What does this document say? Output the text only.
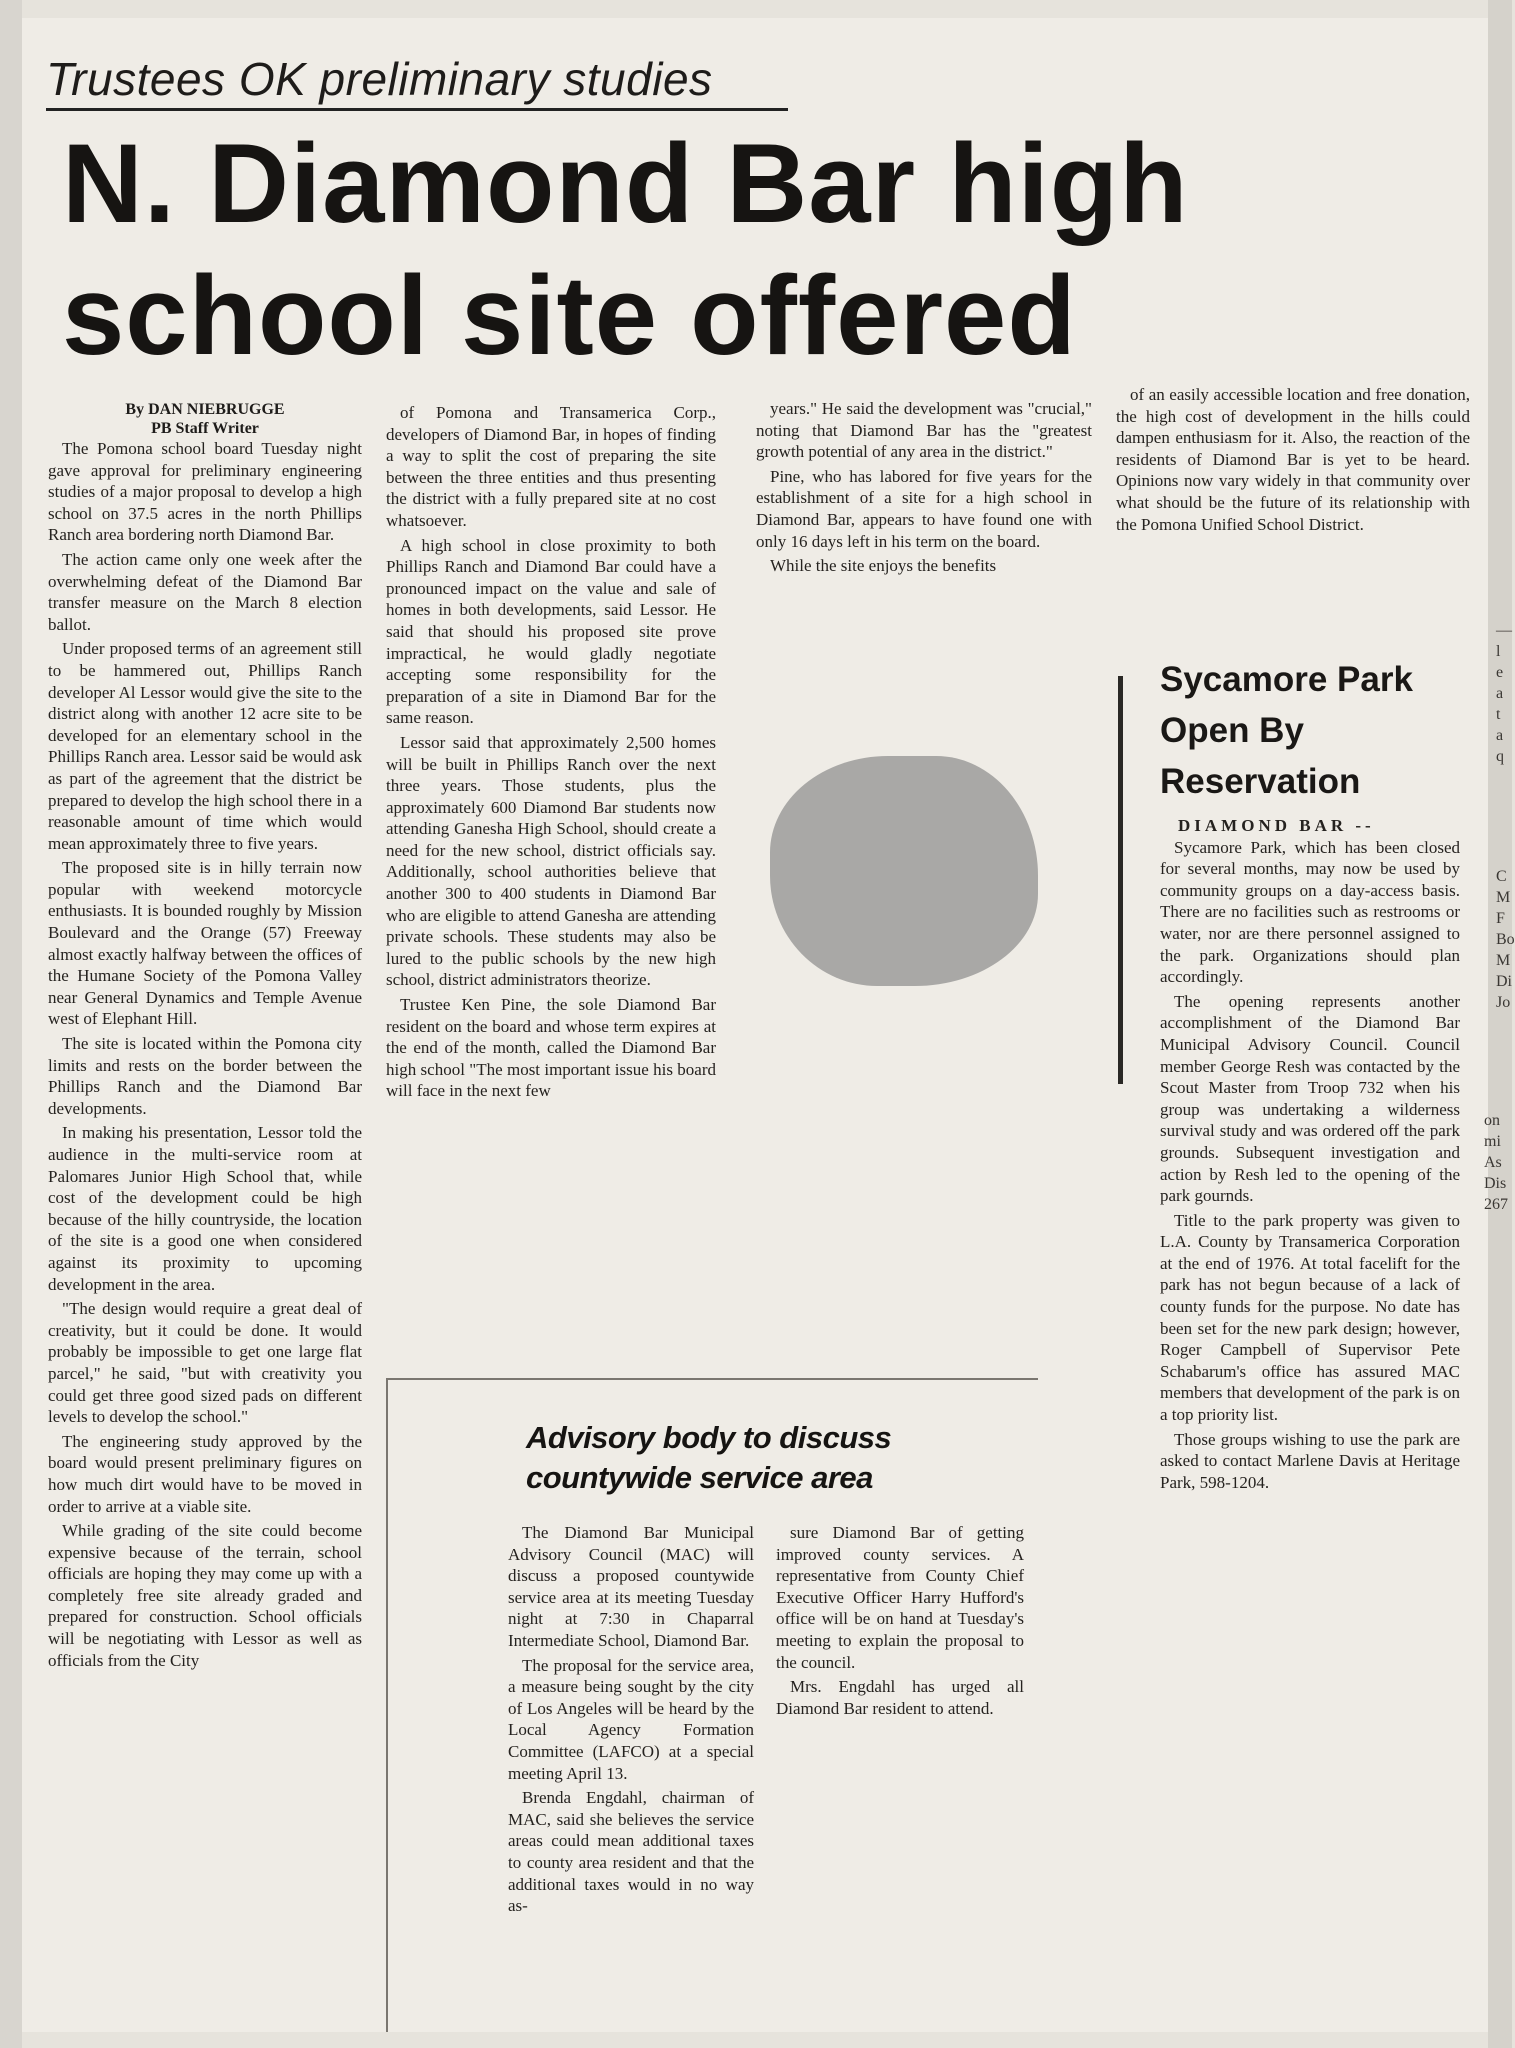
Trustees OK preliminary studies
N. Diamond Bar high
school site offered
By DAN NIEBRUGGE
PB Staff Writer

The Pomona school board Tuesday night gave approval for preliminary engineering studies of a major proposal to develop a high school on 37.5 acres in the north Phillips Ranch area bordering north Diamond Bar.

The action came only one week after the overwhelming defeat of the Diamond Bar transfer measure on the March 8 election ballot.

Under proposed terms of an agreement still to be hammered out, Phillips Ranch developer Al Lessor would give the site to the district along with another 12 acre site to be developed for an elementary school in the Phillips Ranch area. Lessor said be would ask as part of the agreement that the district be prepared to develop the high school there in a reasonable amount of time which would mean approximately three to five years.

The proposed site is in hilly terrain now popular with weekend motorcycle enthusiasts. It is bounded roughly by Mission Boulevard and the Orange (57) Freeway almost exactly halfway between the offices of the Humane Society of the Pomona Valley near General Dynamics and Temple Avenue west of Elephant Hill.

The site is located within the Pomona city limits and rests on the border between the Phillips Ranch and the Diamond Bar developments.

In making his presentation, Lessor told the audience in the multi-service room at Palomares Junior High School that, while cost of the development could be high because of the hilly countryside, the location of the site is a good one when considered against its proximity to upcoming development in the area.

"The design would require a great deal of creativity, but it could be done. It would probably be impossible to get one large flat parcel," he said, "but with creativity you could get three good sized pads on different levels to develop the school."

The engineering study approved by the board would present preliminary figures on how much dirt would have to be moved in order to arrive at a viable site.

While grading of the site could become expensive because of the terrain, school officials are hoping they may come up with a completely free site already graded and prepared for construction. School officials will be negotiating with Lessor as well as officials from the City

of Pomona and Transamerica Corp., developers of Diamond Bar, in hopes of finding a way to split the cost of preparing the site between the three entities and thus presenting the district with a fully prepared site at no cost whatsoever.

A high school in close proximity to both Phillips Ranch and Diamond Bar could have a pronounced impact on the value and sale of homes in both developments, said Lessor. He said that should his proposed site prove impractical, he would gladly negotiate accepting some responsibility for the preparation of a site in Diamond Bar for the same reason.

Lessor said that approximately 2,500 homes will be built in Phillips Ranch over the next three years. Those students, plus the approximately 600 Diamond Bar students now attending Ganesha High School, should create a need for the new school, district officials say. Additionally, school authorities believe that another 300 to 400 students in Diamond Bar who are eligible to attend Ganesha are attending private schools. These students may also be lured to the public schools by the new high school, district administrators theorize.

Trustee Ken Pine, the sole Diamond Bar resident on the board and whose term expires at the end of the month, called the Diamond Bar high school "The most important issue his board will face in the next few

years." He said the development was "crucial," noting that Diamond Bar has the "greatest growth potential of any area in the district."

Pine, who has labored for five years for the establishment of a site for a high school in Diamond Bar, appears to have found one with only 16 days left in his term on the board.

While the site enjoys the benefits

of an easily accessible location and free donation, the high cost of development in the hills could dampen enthusiasm for it. Also, the reaction of the residents of Diamond Bar is yet to be heard. Opinions now vary widely in that community over what should be the future of its relationship with the Pomona Unified School District.

Sycamore Park
Open By
Reservation
DIAMOND BAR --

Sycamore Park, which has been closed for several months, may now be used by community groups on a day-access basis. There are no facilities such as restrooms or water, nor are there personnel assigned to the park. Organizations should plan accordingly.

The opening represents another accomplishment of the Diamond Bar Municipal Advisory Council. Council member George Resh was contacted by the Scout Master from Troop 732 when his group was undertaking a wilderness survival study and was ordered off the park grounds. Subsequent investigation and action by Resh led to the opening of the park gournds.

Title to the park property was given to L.A. County by Transamerica Corporation at the end of 1976. At total facelift for the park has not begun because of a lack of county funds for the purpose. No date has been set for the new park design; however, Roger Campbell of Supervisor Pete Schabarum's office has assured MAC members that development of the park is on a top priority list.

Those groups wishing to use the park are asked to contact Marlene Davis at Heritage Park, 598-1204.

Advisory body to discuss
countywide service area

The Diamond Bar Municipal Advisory Council (MAC) will discuss a proposed countywide service area at its meeting Tuesday night at 7:30 in Chaparral Intermediate School, Diamond Bar.

The proposal for the service area, a measure being sought by the city of Los Angeles will be heard by the Local Agency Formation Committee (LAFCO) at a special meeting April 13.

Brenda Engdahl, chairman of MAC, said she believes the service areas could mean additional taxes to county area resident and that the additional taxes would in no way as-

sure Diamond Bar of getting improved county services. A representative from County Chief Executive Officer Harry Hufford's office will be on hand at Tuesday's meeting to explain the proposal to the council.

Mrs. Engdahl has urged all Diamond Bar resident to attend.

—
l
e
a
t
a
q
C
M
F
Bo
M
Di
Jo
on
mi
As
Dis
267
